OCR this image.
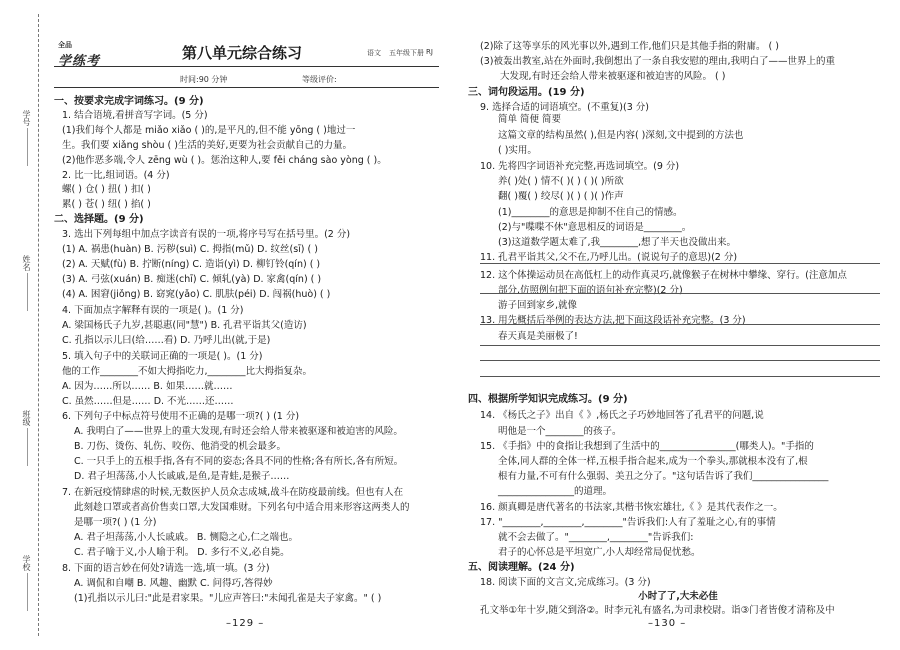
学号
姓名
班级
学校
全品
学练考	第八单元综合练习	语文 五年级下册 RJ
时间:90 分钟	等级评价:
一、按要求完成字词练习。(9 分)
1. 结合语境,看拼音写字词。(5 分)
(1)我们每个人都是 miǎo xiǎo ( )的,是平凡的,但不能 yōng ( )地过一
生。我们要 xiǎng shòu ( )生活的美好,更要为社会贡献自己的力量。
(2)他作恶多端,令人 zēng wù ( )。惩治这种人,要 fěi cháng sào yòng ( )。
2. 比一比,组词语。(4 分)
螺( ) 仓( ) 扭( ) 扣( )
累( ) 苍( ) 纽( ) 掐( )
二、选择题。(9 分)
3. 选出下列每组中加点字读音有误的一项,将序号写在括号里。(2 分)
(1) A. 祸患(huàn) B. 污秽(suì) C. 拇指(mǔ) D. 纹丝(sī) ( )
(2) A. 天赋(fù) B. 拧断(níng) C. 造诣(yì) D. 柳钉铃(qín) ( )
(3) A. 弓弦(xuán) B. 痴迷(chī) C. 倾轧(yà) D. 家禽(qín) ( )
(4) A. 困窘(jiǒng) B. 窈窕(yǎo) C. 肌肤(péi) D. 闯祸(huò) ( )
4. 下面加点字解释有误的一项是( )。(1 分)
A. 梁国杨氏子九岁,甚聪惠(同"慧") B. 孔君平诣其父(造访)
C. 孔指以示儿曰(给……看) D. 乃呼儿出(就,于是)
5. 填入句子中的关联词正确的一项是( )。(1 分)
他的工作________不如大拇指吃力,________比大拇指复杂。
A. 因为……所以…… B. 如果……就……
C. 虽然……但是…… D. 不光……还……
6. 下列句子中标点符号使用不正确的是哪一项?( ) (1 分)
A. 我明白了——世界上的重大发现,有时还会给人带来被驱逐和被迫害的风险。
B. 刀伤、烫伤、轧伤、咬伤、他消受的机会最多。
C. 一只手上的五根手指,各有不同的姿态;各具不同的性格;各有所长,各有所短。
D. 君子坦荡荡,小人长戚戚,是鱼,是青蛙,是猴子……
7. 在新冠疫情肆虐的时候,无数医护人员众志成城,战斗在防疫最前线。但也有人在
此刻趁口罩或者高价售卖口罩,大发国难财。下列名句中适合用来形容这两类人的
是哪一项?( ) (1 分)
A. 君子坦荡荡,小人长戚戚。 B. 恻隐之心,仁之端也。
C. 君子喻于义,小人喻于利。 D. 多行不义,必自毙。
8. 下面的语言妙在何处?请选一选,填一填。(3 分)
A. 调侃和自嘲 B. 风趣、幽默 C. 问得巧,答得妙
(1)孔指以示儿曰:"此是君家果。"儿应声答曰:"未闻孔雀是夫子家禽。" ( )
–129 –
(2)除了这等享乐的风光事以外,遇到工作,他们只是其他手指的附庸。 ( )
(3)被轰出教室,站在外面时,我倒想出了一条自我安慰的理由,我明白了——世界上的重
大发现,有时还会给人带来被驱逐和被迫害的风险。 ( )
三、词句段运用。(19 分)
9. 选择合适的词语填空。(不重复)(3 分)
简单 简便 简要
这篇文章的结构虽然( ),但是内容( )深刻,文中提到的方法也
( )实用。
10. 先将四字词语补充完整,再选词填空。(9 分)
养( )处( ) 情不( )( ) ( )( )所欲
翻( )覆( ) 绞尽( )( ) ( )( )作声
(1)________的意思是抑制不住自己的情感。
(2)与"喋喋不休"意思相反的词语是________。
(3)这道数学题太难了,我________,想了半天也没做出来。
11. 孔君平诣其父,父不在,乃呼儿出。(说说句子的意思)(2 分)
12. 这个体操运动员在高低杠上的动作真灵巧,就像猴子在树林中攀缘、穿行。(注意加点
部分,仿照例句把下面的语句补充完整)(2 分)
游子回到家乡,就像
13. 用先概括后举例的表达方法,把下面这段话补充完整。(3 分)
春天真是美丽极了!
四、根据所学知识完成练习。(9 分)
14. 《杨氏之子》出自《 》,杨氏之子巧妙地回答了孔君平的问题,说
明他是一个________的孩子。
15. 《手指》中的食指让我想到了生活中的________________(哪类人)。"手指的
全体,同人群的全体一样,五根手指合起来,成为一个拳头,那就根本没有了,根
根有力量,不可有什么强弱、美丑之分了。"这句话告诉了我们________________
________________的道理。
16. 颜真卿是唐代著名的书法家,其楷书恢宏雄壮,《 》是其代表作之一。
17. "________,________,________"告诉我们:人有了羞耻之心,有的事情
就不会去做了。"________,________"告诉我们:
君子的心怀总是平坦宽广,小人却经常局促忧愁。
五、阅读理解。(24 分)
18. 阅读下面的文言文,完成练习。(3 分)
小时了了,大未必佳
孔文举①年十岁,随父到洛②。时李元礼有盛名,为司隶校尉。诣③门者皆俊才清称及中
–130 –
